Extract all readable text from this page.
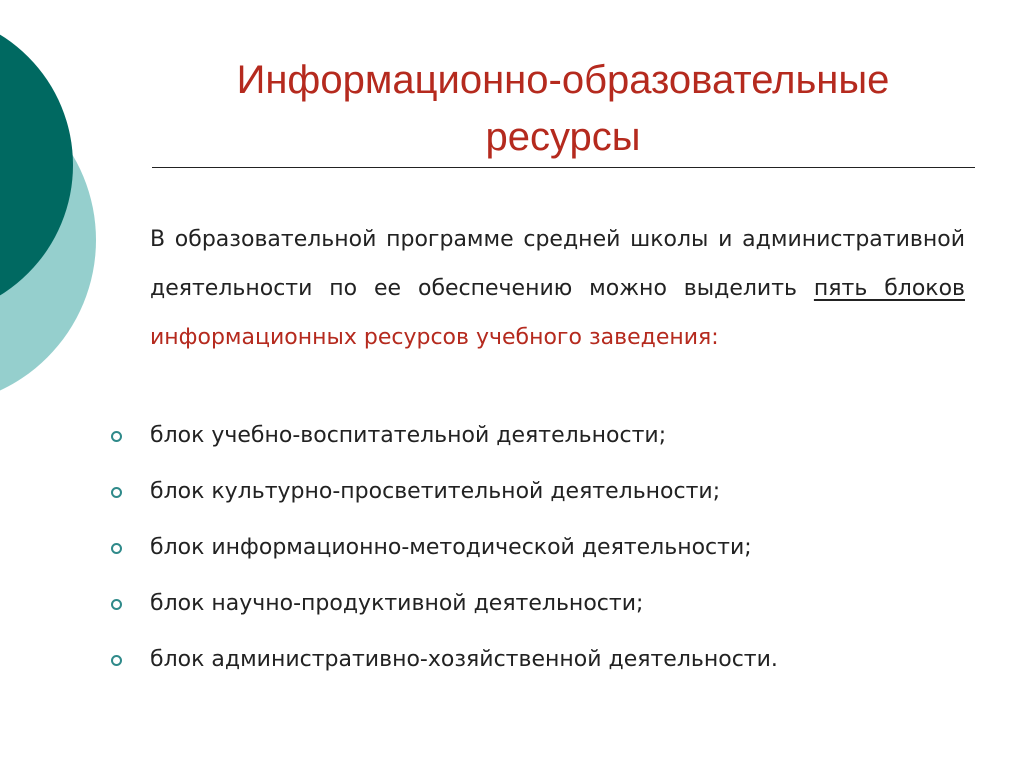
Информационно-образовательные
ресурсы

В образовательной программе средней школы и административной деятельности по ее обеспечению можно выделить пять блоков информационных ресурсов учебного заведения:

блок учебно-воспитательной деятельности;
блок культурно-просветительной деятельности;
блок информационно-методической деятельности;
блок научно-продуктивной деятельности;
блок административно-хозяйственной деятельности.
